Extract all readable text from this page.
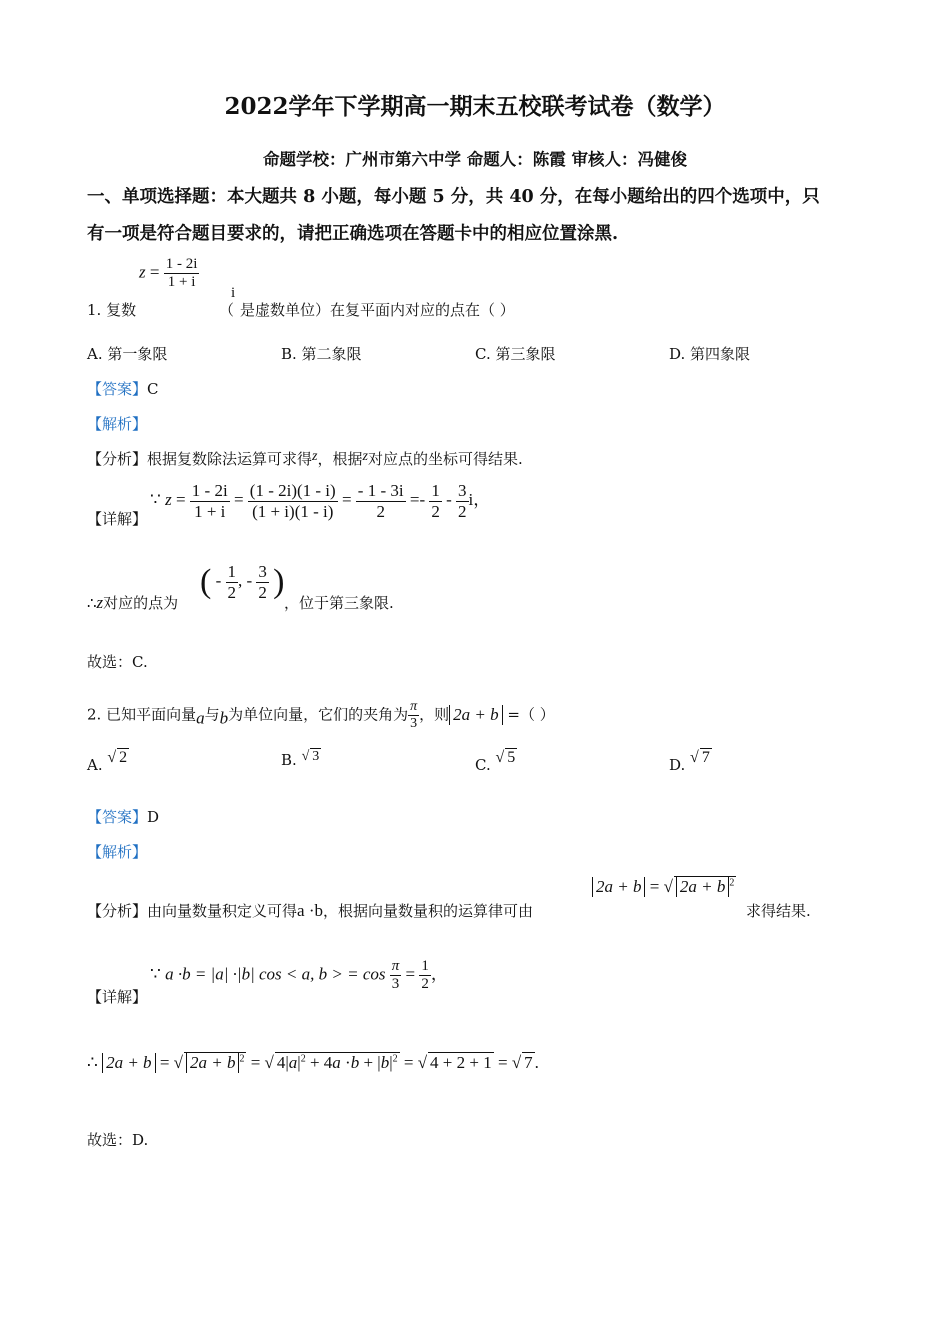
2022学年下学期高一期末五校联考试卷（数学）
命题学校：广州市第六中学 命题人：陈霞 审核人：冯健俊
一、单项选择题：本大题共 8 小题，每小题 5 分，共 40 分，在每小题给出的四个选项中，只
有一项是符合题目要求的，请把正确选项在答题卡中的相应位置涂黑.
$z = \frac{1 - 2i}{1 + i}$
1. 复数	（
i
是虚数单位）在复平面内对应的点在（ ）
A. 第一象限	B. 第二象限	C. 第三象限	D. 第四象限
【答案】C
【解析】
【分析】根据复数除法运算可求得z，根据z对应点的坐标可得结果.
【详解】
∵ $z = \frac{1 - 2i}{1 + i} = \frac{(1 - 2i)(1 - i)}{(1 + i)(1 - i)} = \frac{- 1 - 3i}{2} =- \frac{1}{2} - \frac{3}{2}$ i，
∴z对应的点为
( - $\frac{1}{2}$ , - $\frac{3}{2}$ )
，位于第三象限.
故选：C.
2. 已知平面向量a与b为单位向量，它们的夹角为 $\frac{\pi}{3}$ ，则 2a + b =（ ）
A. √ 2	B. √ 3	C. √ 5	D. √ 7
【答案】D
【解析】
【分析】由向量数量积定义可得a ·b，根据向量数量积的运算律可由
2a + b = √ 2a + b $^2$
求得结果.
【详解】
∵ a ·b = |a| ·|b| cos < a, b > = $\cos \frac{\pi}{3} = \frac{1}{2}$ ，
∴ 2a + b = √ 2a + b $^2$ = √ $4|a|^2 + 4a \cdot b + |b|^2$ = √ 4 + 2 + 1 = √ 7 .
故选：D.
